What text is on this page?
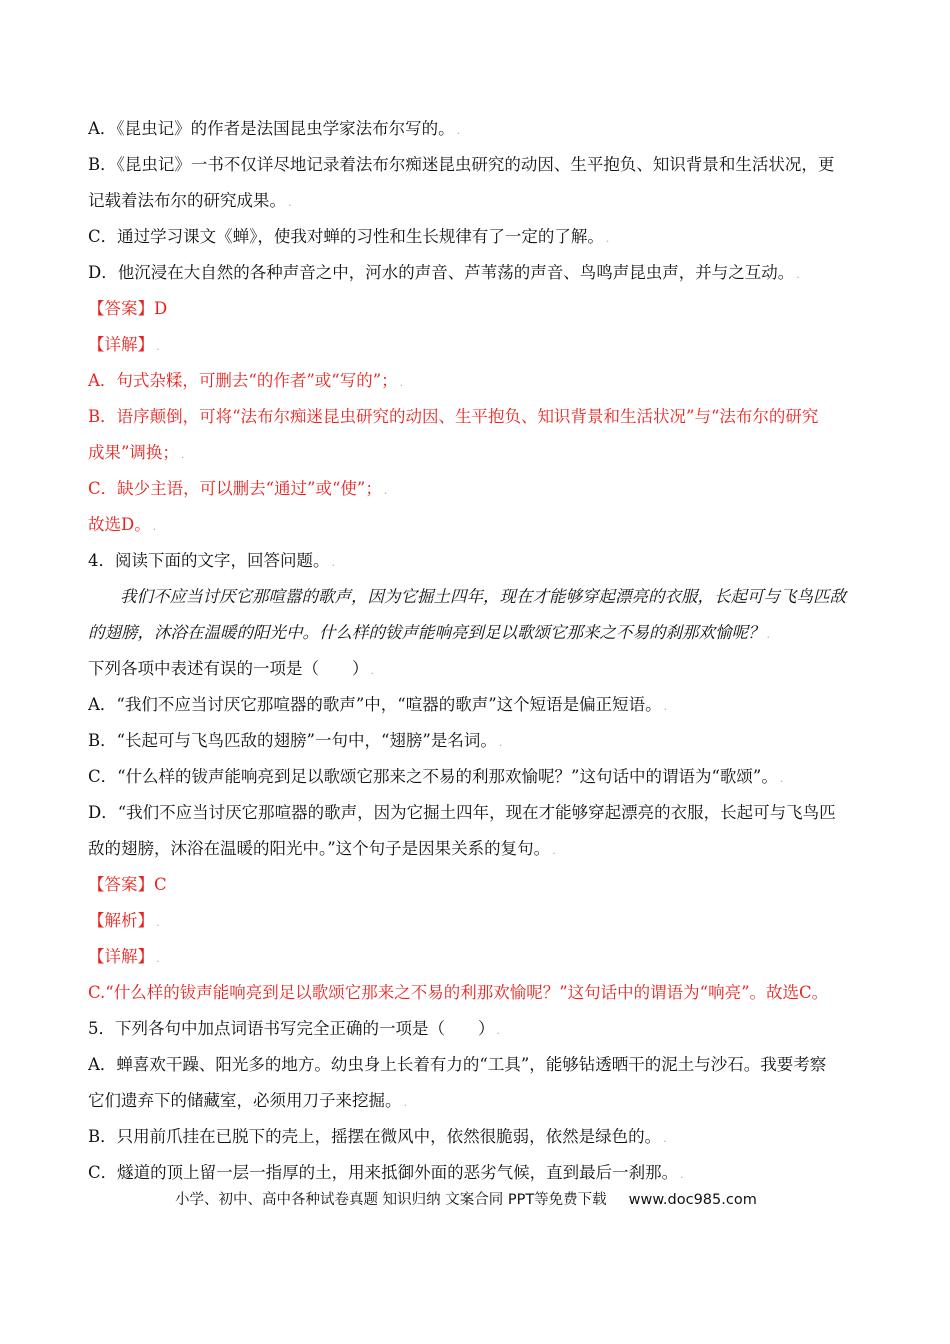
A．《昆虫记》的作者是法国昆虫学家法布尔写的。 .
B．《昆虫记》一书不仅详尽地记录着法布尔痴迷昆虫研究的动因、生平抱负、知识背景和生活状况，更
记载着法布尔的研究成果。 .
C．通过学习课文《蝉》，使我对蝉的习性和生长规律有了一定的了解。 .
D．他沉浸在大自然的各种声音之中，河水的声音、芦苇荡的声音、鸟鸣声昆虫声，并与之互动。 .
【答案】D
【详解】 .
A．句式杂糅，可删去“的作者”或“写的”； .
B．语序颠倒，可将“法布尔痴迷昆虫研究的动因、生平抱负、知识背景和生活状况”与“法布尔的研究
成果”调换； .
C．缺少主语，可以删去“通过”或“使”； .
故选D。 .
4．阅读下面的文字，回答问题。 .
我们不应当讨厌它那喧嚣的歌声，因为它掘土四年，现在才能够穿起漂亮的衣服，长起可与飞鸟匹敌
的翅膀，沐浴在温暖的阳光中。什么样的钹声能响亮到足以歌颂它那来之不易的刹那欢愉呢？ .
下列各项中表述有误的一项是（　　） .
A．“我们不应当讨厌它那喧器的歌声”中，“喧器的歌声”这个短语是偏正短语。 .
B．“长起可与飞鸟匹敌的翅膀”一句中，“翅膀”是名词。 .
C．“什么样的钹声能响亮到足以歌颂它那来之不易的利那欢愉呢？”这句话中的谓语为“歌颂”。 .
D．“我们不应当讨厌它那喧器的歌声，因为它掘土四年，现在才能够穿起漂亮的衣服，长起可与飞鸟匹
敌的翅膀，沐浴在温暖的阳光中。”这个句子是因果关系的复句。 .
【答案】C
【解析】 .
【详解】 .
C.“什么样的钹声能响亮到足以歌颂它那来之不易的利那欢愉呢？”这句话中的谓语为“响亮”。故选C。
5．下列各句中加点词语书写完全正确的一项是（　　） .
A．蝉喜欢干躁、阳光多的地方。幼虫身上长着有力的“工具”，能够钻透晒干的泥土与沙石。我要考察
它们遗弃下的储藏室，必须用刀子来挖掘。 .
B．只用前爪挂在已脱下的壳上，摇摆在微风中，依然很脆弱，依然是绿色的。 .
C．燧道的顶上留一层一指厚的土，用来抵御外面的恶劣气候，直到最后一刹那。 .
小学、初中、高中各种试卷真题 知识归纳 文案合同 PPT等免费下载 www.doc985.com
